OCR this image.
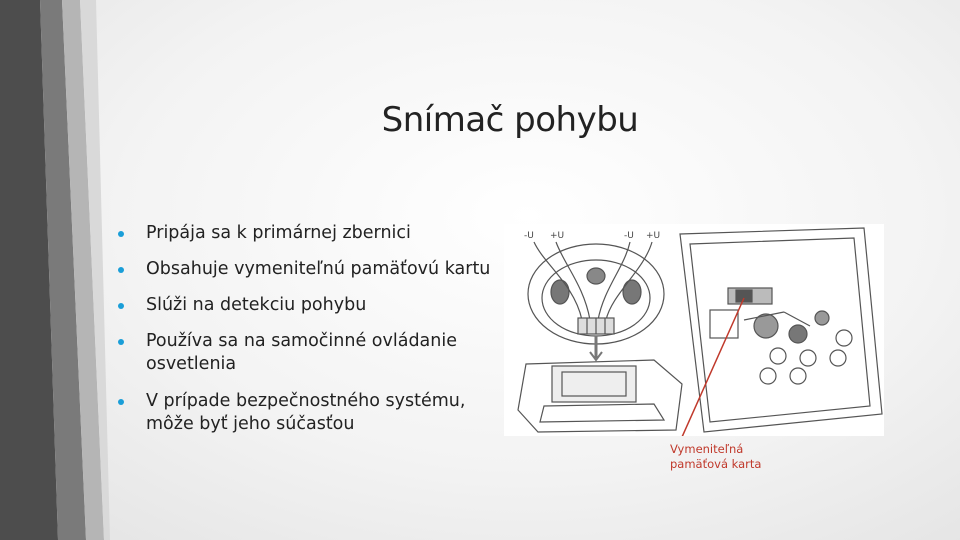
Snímač pohybu
Pripája sa k primárnej zbernici
Obsahuje vymeniteľnú pamäťovú kartu
Slúži na detekciu pohybu
Používa sa na samočinné ovládanie osvetlenia
V prípade bezpečnostného systému, môže byť jeho súčasťou
-U +U	-U +U
Vymeniteľná
pamäťová karta
